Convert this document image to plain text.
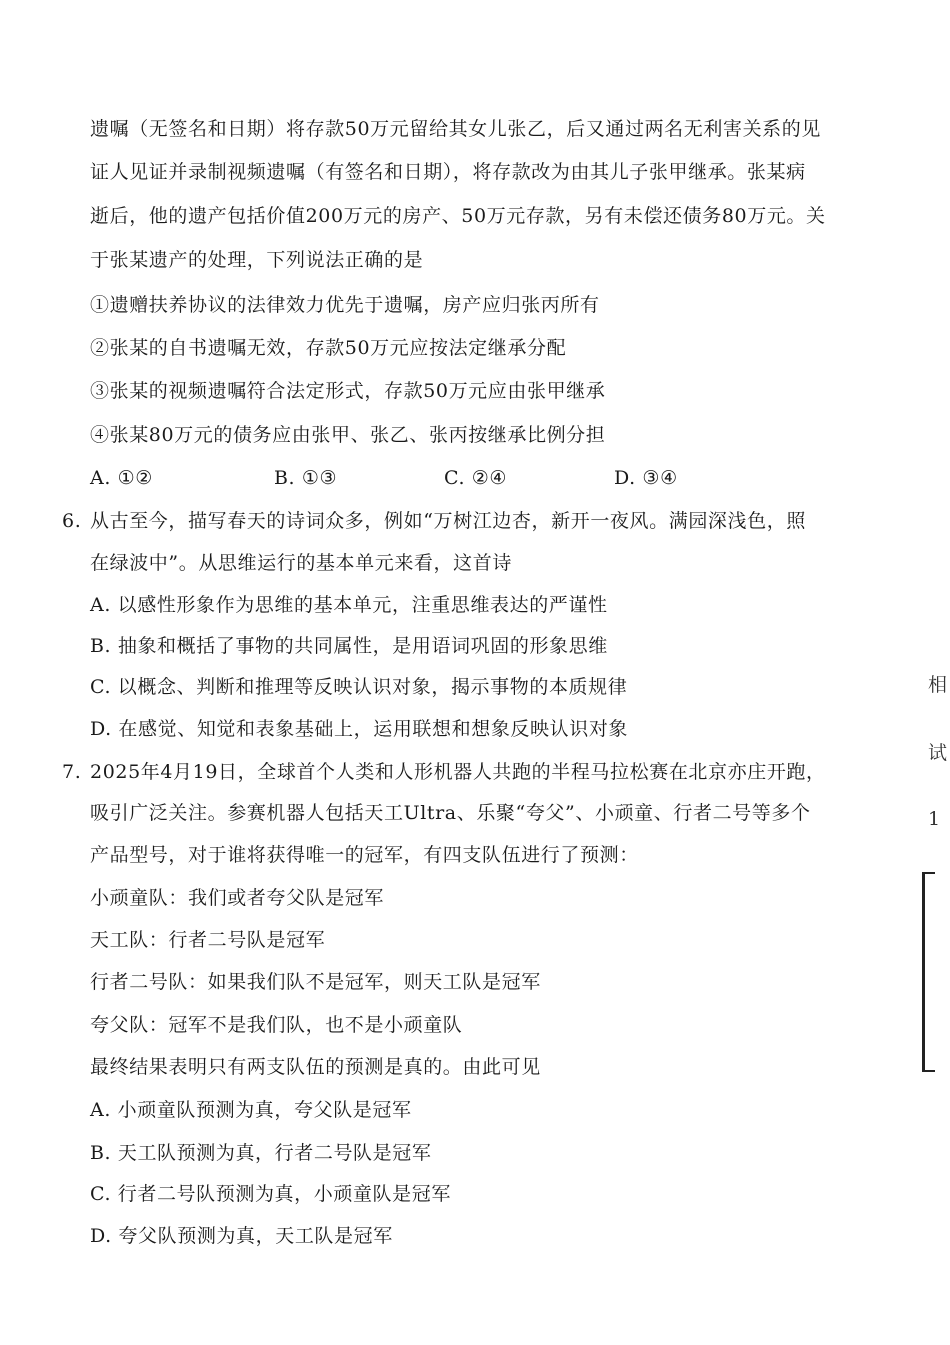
遗嘱（无签名和日期）将存款50万元留给其女儿张乙，后又通过两名无利害关系的见
证人见证并录制视频遗嘱（有签名和日期），将存款改为由其儿子张甲继承。张某病
逝后，他的遗产包括价值200万元的房产、50万元存款，另有未偿还债务80万元。关
于张某遗产的处理，下列说法正确的是
①遗赠扶养协议的法律效力优先于遗嘱，房产应归张丙所有
②张某的自书遗嘱无效，存款50万元应按法定继承分配
③张某的视频遗嘱符合法定形式，存款50万元应由张甲继承
④张某80万元的债务应由张甲、张乙、张丙按继承比例分担
A. ①②	B. ①③	C. ②④	D. ③④
6. 从古至今，描写春天的诗词众多，例如“万树江边杏，新开一夜风。满园深浅色，照
在绿波中”。从思维运行的基本单元来看，这首诗
A. 以感性形象作为思维的基本单元，注重思维表达的严谨性
B. 抽象和概括了事物的共同属性，是用语词巩固的形象思维
C. 以概念、判断和推理等反映认识对象，揭示事物的本质规律
D. 在感觉、知觉和表象基础上，运用联想和想象反映认识对象
7. 2025年4月19日，全球首个人类和人形机器人共跑的半程马拉松赛在北京亦庄开跑，
吸引广泛关注。参赛机器人包括天工Ultra、乐聚“夸父”、小顽童、行者二号等多个
产品型号，对于谁将获得唯一的冠军，有四支队伍进行了预测：
小顽童队：我们或者夸父队是冠军
天工队：行者二号队是冠军
行者二号队：如果我们队不是冠军，则天工队是冠军
夸父队：冠军不是我们队，也不是小顽童队
最终结果表明只有两支队伍的预测是真的。由此可见
A. 小顽童队预测为真，夸父队是冠军
B. 天工队预测为真，行者二号队是冠军
C. 行者二号队预测为真，小顽童队是冠军
D. 夸父队预测为真，天工队是冠军
相
试
1
